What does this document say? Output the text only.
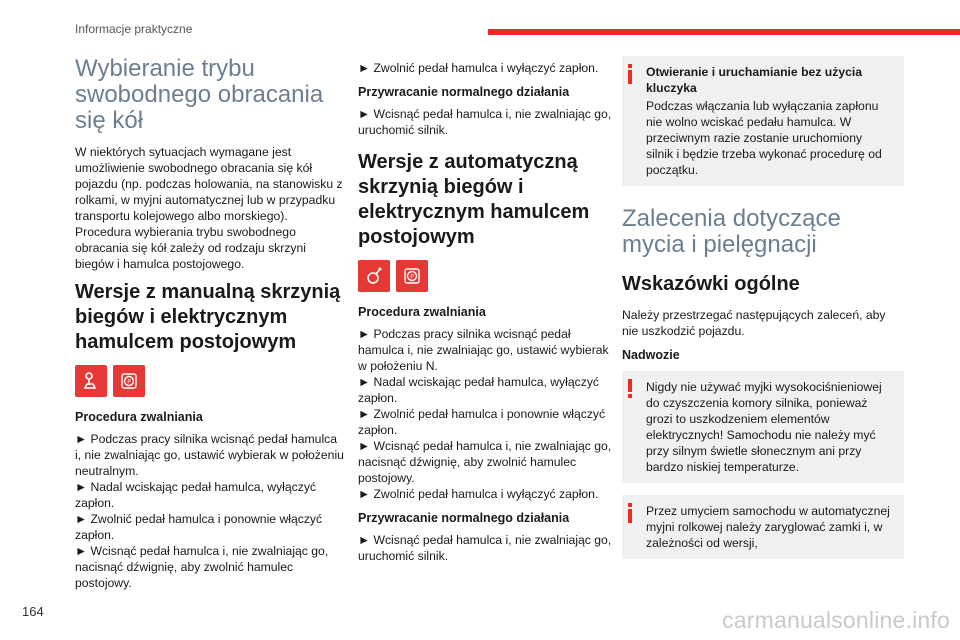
Informacje praktyczne
Wybieranie trybu swobodnego obracania się kół

W niektórych sytuacjach wymagane jest umożliwienie swobodnego obracania się kół pojazdu (np. podczas holowania, na stanowisku z rolkami, w myjni automatycznej lub w przypadku transportu kolejowego albo morskiego).
Procedura wybierania trybu swobodnego obracania się kół zależy od rodzaju skrzyni biegów i hamulca postojowego.

Wersje z manualną skrzynią biegów i elektrycznym hamulcem postojowym
P
Procedura zwalniania

► Podczas pracy silnika wcisnąć pedał hamulca i, nie zwalniając go, ustawić wybierak w położeniu neutralnym.

► Nadal wciskając pedał hamulca, wyłączyć zapłon.

► Zwolnić pedał hamulca i ponownie włączyć zapłon.

► Wcisnąć pedał hamulca i, nie zwalniając go, nacisnąć dźwignię, aby zwolnić hamulec postojowy.

► Zwolnić pedał hamulca i wyłączyć zapłon.

Przywracanie normalnego działania

► Wcisnąć pedał hamulca i, nie zwalniając go, uruchomić silnik.

Wersje z automatyczną skrzynią biegów i elektrycznym hamulcem postojowym
P
Procedura zwalniania

► Podczas pracy silnika wcisnąć pedał hamulca i, nie zwalniając go, ustawić wybierak w położeniu N.

► Nadal wciskając pedał hamulca, wyłączyć zapłon.

► Zwolnić pedał hamulca i ponownie włączyć zapłon.

► Wcisnąć pedał hamulca i, nie zwalniając go, nacisnąć dźwignię, aby zwolnić hamulec postojowy.

► Zwolnić pedał hamulca i wyłączyć zapłon.

Przywracanie normalnego działania

► Wcisnąć pedał hamulca i, nie zwalniając go, uruchomić silnik.

Otwieranie i uruchamianie bez użycia kluczyka

Podczas włączania lub wyłączania zapłonu nie wolno wciskać pedału hamulca. W przeciwnym razie zostanie uruchomiony silnik i będzie trzeba wykonać procedurę od początku.

Zalecenia dotyczące mycia i pielęgnacji
Wskazówki ogólne

Należy przestrzegać następujących zaleceń, aby nie uszkodzić pojazdu.

Nadwozie

Nigdy nie używać myjki wysokociśnieniowej do czyszczenia komory silnika, ponieważ grozi to uszkodzeniem elementów elektrycznych! Samochodu nie należy myć przy silnym świetle słonecznym ani przy bardzo niskiej temperaturze.

Przez umyciem samochodu w automatycznej myjni rolkowej należy zaryglować zamki i, w zależności od wersji,

164	carmanualsonline.info
